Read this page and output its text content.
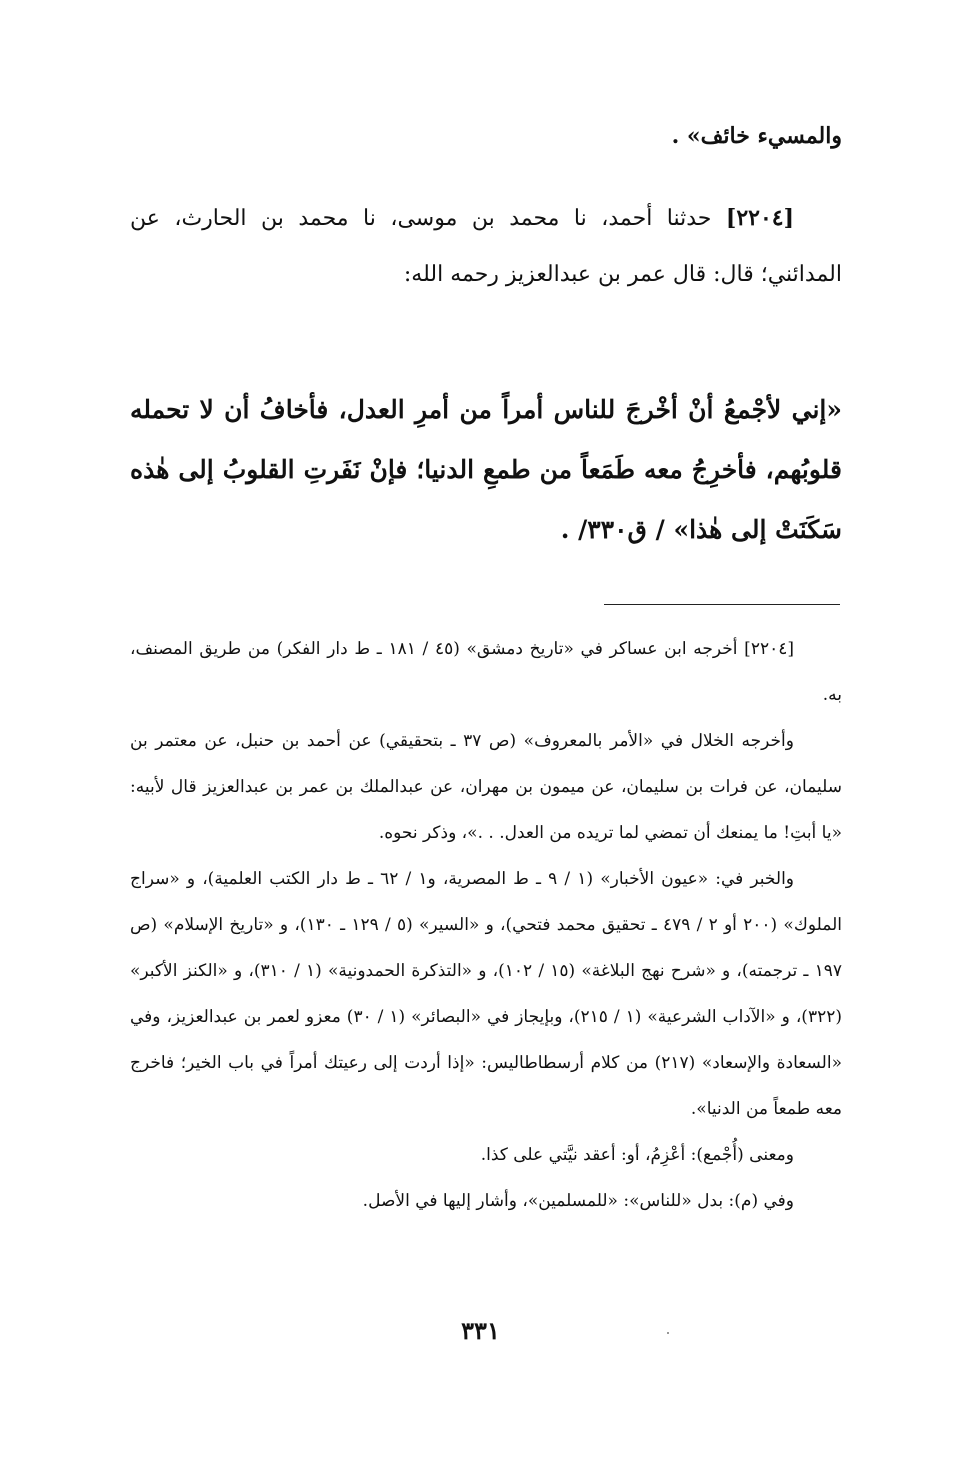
والمسيء خائف» .

[٢٢٠٤] حدثنا أحمد، نا محمد بن موسى، نا محمد بن الحارث، عن المدائني؛ قال: قال عمر بن عبدالعزيز رحمه الله:

«إني لأجْمعُ أنْ أخْرجَ للناس أمراً من أمرِ العدل، فأخافُ أن لا تحمله قلوبُهم، فأخرِجُ معه طَمَعاً من طمعِ الدنيا؛ فإنْ نَفَرتِ القلوبُ إلى هٰذه سَكَنَتْ إلى هٰذا» / ق٣٣٠/ .

[٢٢٠٤] أخرجه ابن عساكر في «تاريخ دمشق» (٤٥ / ١٨١ ـ ط دار الفكر) من طريق المصنف، به.

وأخرجه الخلال في «الأمر بالمعروف» (ص ٣٧ ـ بتحقيقي) عن أحمد بن حنبل، عن معتمر بن سليمان، عن فرات بن سليمان، عن ميمون بن مهران، عن عبدالملك بن عمر بن عبدالعزيز قال لأبيه: «يا أبتِ! ما يمنعك أن تمضي لما تريده من العدل. . .»، وذكر نحوه.

والخبر في: «عيون الأخبار» (١ / ٩ ـ ط المصرية، و١ / ٦٢ ـ ط دار الكتب العلمية)، و «سراج الملوك» (٢٠٠ أو ٢ / ٤٧٩ ـ تحقيق محمد فتحي)، و «السير» (٥ / ١٢٩ ـ ١٣٠)، و «تاريخ الإسلام» (ص ١٩٧ ـ ترجمته)، و «شرح نهج البلاغة» (١٥ / ١٠٢)، و «التذكرة الحمدونية» (١ / ٣١٠)، و «الكنز الأكبر» (٣٢٢)، و «الآداب الشرعية» (١ / ٢١٥)، وبإيجاز في «البصائر» (١ / ٣٠) معزو لعمر بن عبدالعزيز، وفي «السعادة والإسعاد» (٢١٧) من كلام أرسطاطاليس: «إذا أردت إلى رعيتك أمراً في باب الخير؛ فاخرج معه طمعاً من الدنيا».

ومعنى (أُجْمع): أعْزِمُ، أو: أعقد نيَّتي على كذا.

وفي (م): بدل «للناس»: «للمسلمين»، وأشار إليها في الأصل.

٣٣١
